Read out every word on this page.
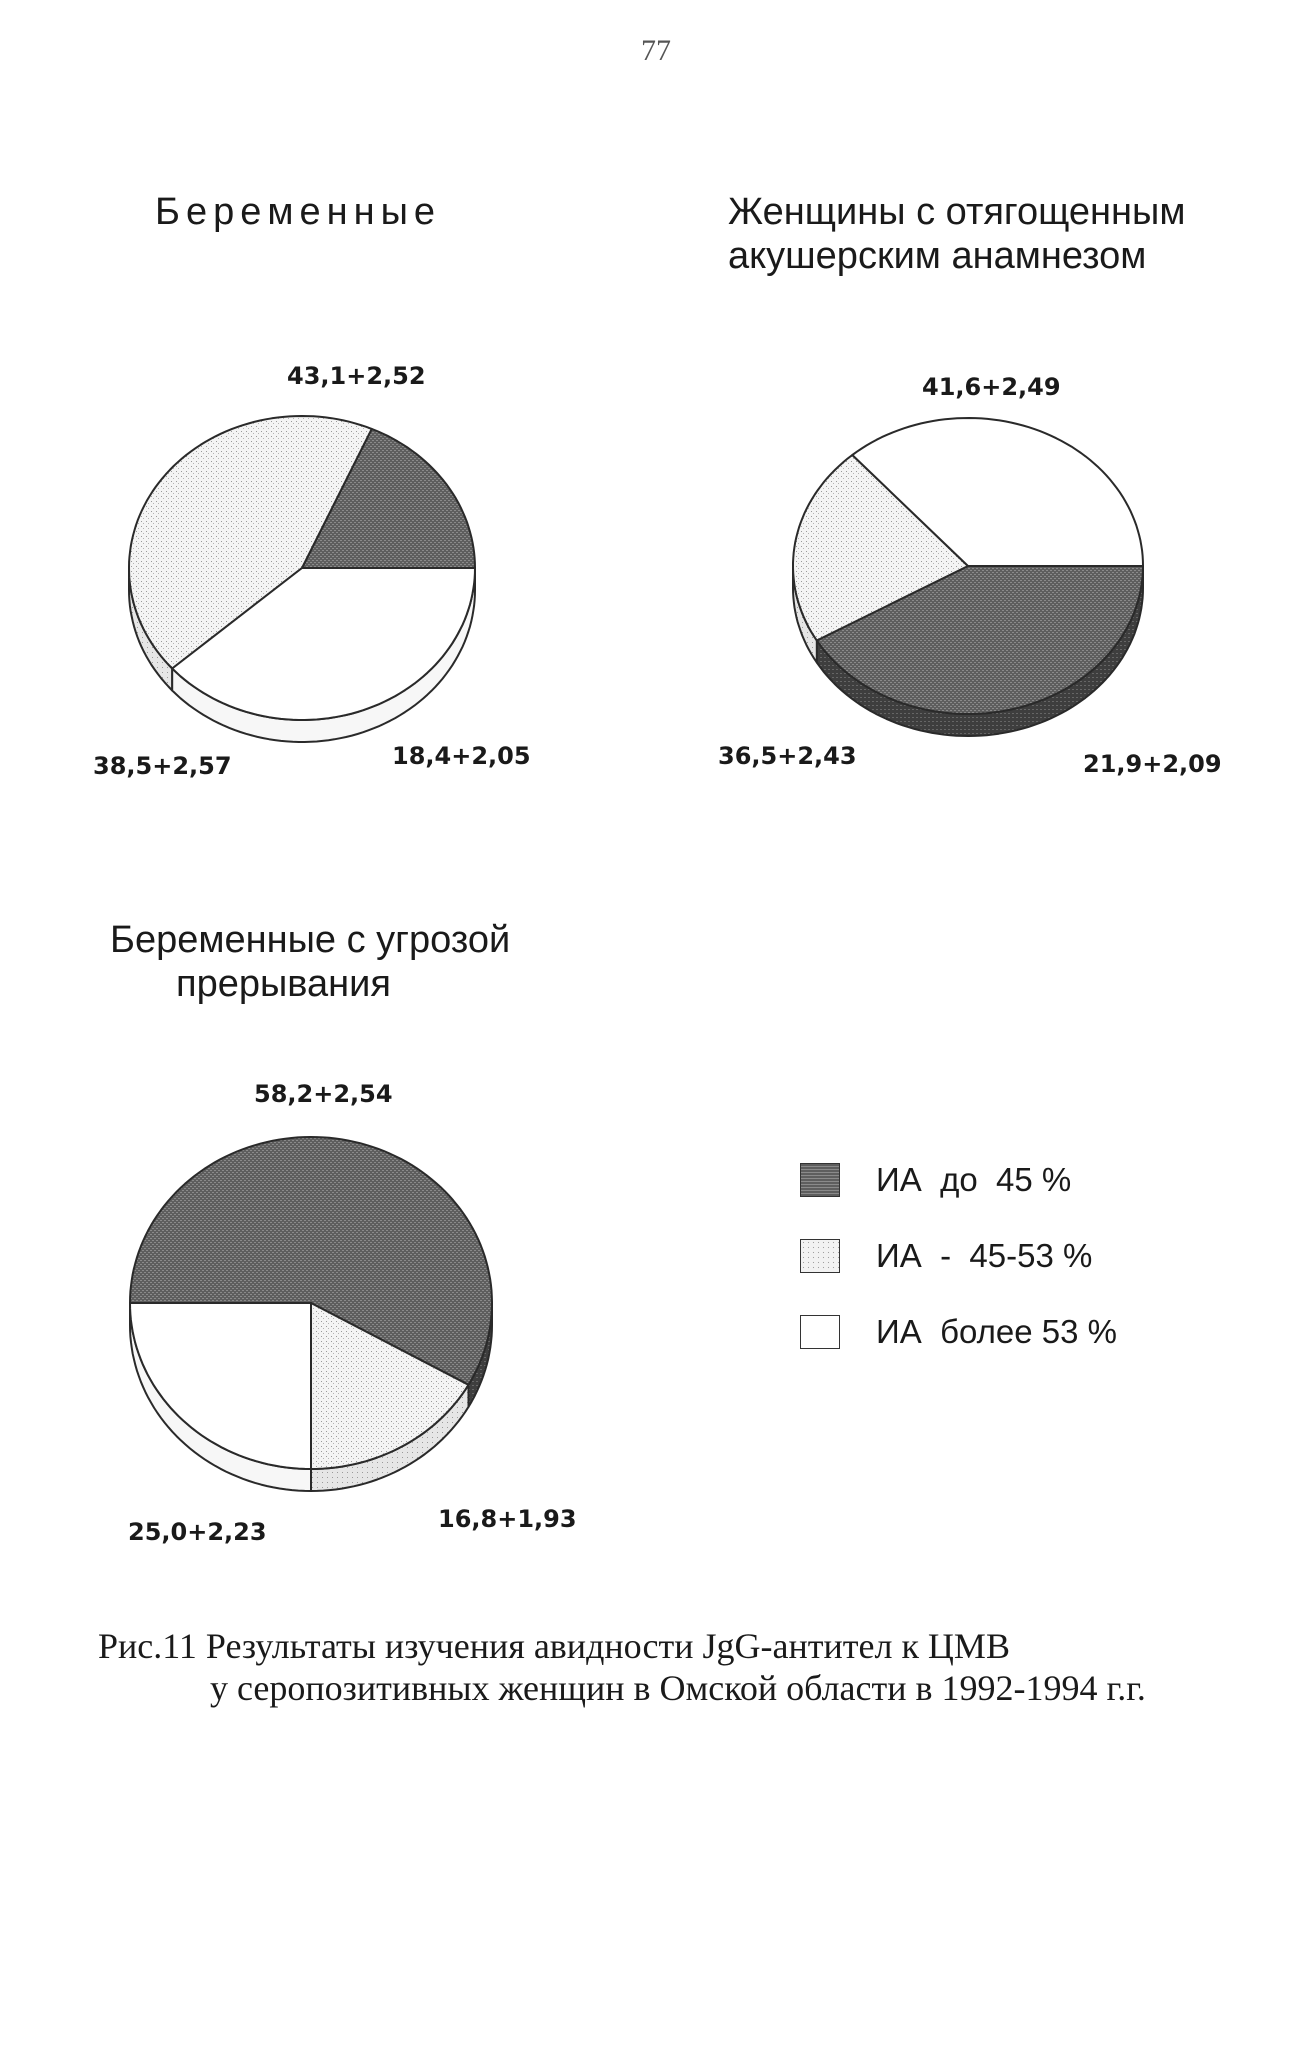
77
Беременные	Женщины с отягощенным
акушерским анамнезом
Беременные с угрозой
прерывания
18,4+2,05
43,1+2,52
38,5+2,57
41,6+2,49
21,9+2,09
36,5+2,43
58,2+2,54
16,8+1,93
25,0+2,23
ИА  до  45 %
ИА  -  45-53 %
ИА  более 53 %
Рис.11 Результаты изучения авидности JgG-антител к ЦМВ
у серопозитивных женщин в Омской области в 1992-1994 г.г.
